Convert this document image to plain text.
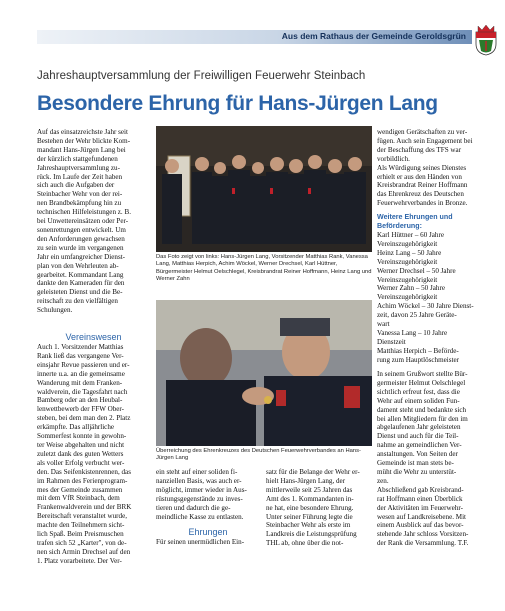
Aus dem Rathaus der Gemeinde Geroldsgrün
Jahreshauptversammlung der Freiwilligen Feuerwehr Steinbach
Besondere Ehrung für Hans-Jürgen Lang
Auf das einsatzreichste Jahr seit
Bestehen der Wehr blickte Kom-
mandant Hans-Jürgen Lang bei
der kürzlich stattgefundenen
Jahreshauptversammlung zu-
rück. Im Laufe der Zeit haben
sich auch die Aufgaben der
Steinbacher Wehr von der rei-
nen Brandbekämpfung hin zu
technischen Hilfeleistungen z. B.
bei Unwettereinsätzen oder Per-
sonenrettungen entwickelt. Um
den Anforderungen gewachsen
zu sein wurde im vergangenen
Jahr ein umfangreicher Dienst-
plan von den Wehrleuten ab-
gearbeitet. Kommandant Lang
dankte den Kameraden für den
geleisteten Dienst und die Be-
reitschaft zu den vielfältigen
Schulungen.
Auch 1. Vorsitzender Matthias
Rank ließ das vergangene Ver-
einsjahr Revue passieren und er-
innerte u.a. an die gemeinsame
Wanderung mit dem Franken-
waldverein, die Tagesfahrt nach
Bamberg oder an den Heubal-
lenwettbewerb der FFW Ober-
steben, bei dem man den 2. Platz
erkämpfte. Das alljährliche
Sommerfest konnte in gewohn-
ter Weise abgehalten und nicht
zuletzt dank des guten Wetters
als voller Erfolg verbucht wer-
den. Das Seifenkistenrennen, das
im Rahmen des Ferienprogram-
mes der Gemeinde zusammen
mit dem VfR Steinbach, dem
Frankenwaldverein und der BRK
Bereitschaft veranstaltet wurde,
machte den Teilnehmern sicht-
lich Spaß. Beim Preismuschen
trafen sich 52 „Karter", von de-
nen sich Armin Drechsel auf den
1. Platz vorarbeitete. Der Ver-
Vereinswesen
Das Foto zeigt von links: Hans-Jürgen Lang, Vorsitzender Matthias Rank, Vanessa Lang, Matthias Herpich, Achim Wöckel, Werner Drechsel, Karl Hüttner, Bürgermeister Helmut Oelschlegel, Kreisbrandrat Reiner Hoffmann, Heinz Lang und Werner Zahn
Überreichung des Ehrenkreuzes des Deutschen Feuerwehrverbandes an Hans-Jürgen Lang
ein steht auf einer soliden fi-
nanziellen Basis, was auch er-
möglicht, immer wieder in Aus-
rüstungsgegenstände zu inves-
tieren und dadurch die ge-
meindliche Kasse zu entlasten.
Ehrungen
Für seinen unermüdlichen Ein-
satz für die Belange der Wehr er-
hielt Hans-Jürgen Lang, der
mittlerweile seit 25 Jahren das
Amt des 1. Kommandanten in-
ne hat, eine besondere Ehrung.
Unter seiner Führung legte die
Steinbacher Wehr als erste im
Landkreis die Leistungsprüfung
THL ab, ohne über die not-
wendigen Gerätschaften zu ver-
fügen. Auch sein Engagement bei
der Beschaffung des TFS war
vorbildlich.
Als Würdigung seines Dienstes
erhielt er aus den Händen von
Kreisbrandrat Reiner Hoffmann
das Ehrenkreuz des Deutschen
Feuerwehrverbandes in Bronze.
Weitere Ehrungen und
Beförderung:
Karl Hüttner – 60 Jahre
Vereinszugehörigkeit
Heinz Lang – 50 Jahre
Vereinszugehörigkeit
Werner Drechsel – 50 Jahre
Vereinszugehörigkeit
Werner Zahn – 50 Jahre
Vereinszugehörigkeit
Achim Wöckel – 30 Jahre Dienst-
zeit, davon 25 Jahre Geräte-
wart
Vanessa Lang – 10 Jahre
Dienstzeit
Matthias Herpich – Beförde-
rung zum Hauptlöschmeister
In seinem Grußwort stellte Bür-
germeister Helmut Oelschlegel
sichtlich erfreut fest, dass die
Wehr auf einem soliden Fun-
dament steht und bedankte sich
bei allen Mitgliedern für den im
abgelaufenen Jahr geleisteten
Dienst und auch für die Teil-
nahme an gemeindlichen Ver-
anstaltungen. Von Seiten der
Gemeinde ist man stets be-
müht die Wehr zu unterstüt-
zen.
Abschließend gab Kreisbrand-
rat Hoffmann einen Überblick
der Aktivitäten im Feuerwehr-
wesen auf Landkreisebene. Mit
einem Ausblick auf das bevor-
stehende Jahr schloss Vorsitzen-
der Rank die Versammlung. T.F.
